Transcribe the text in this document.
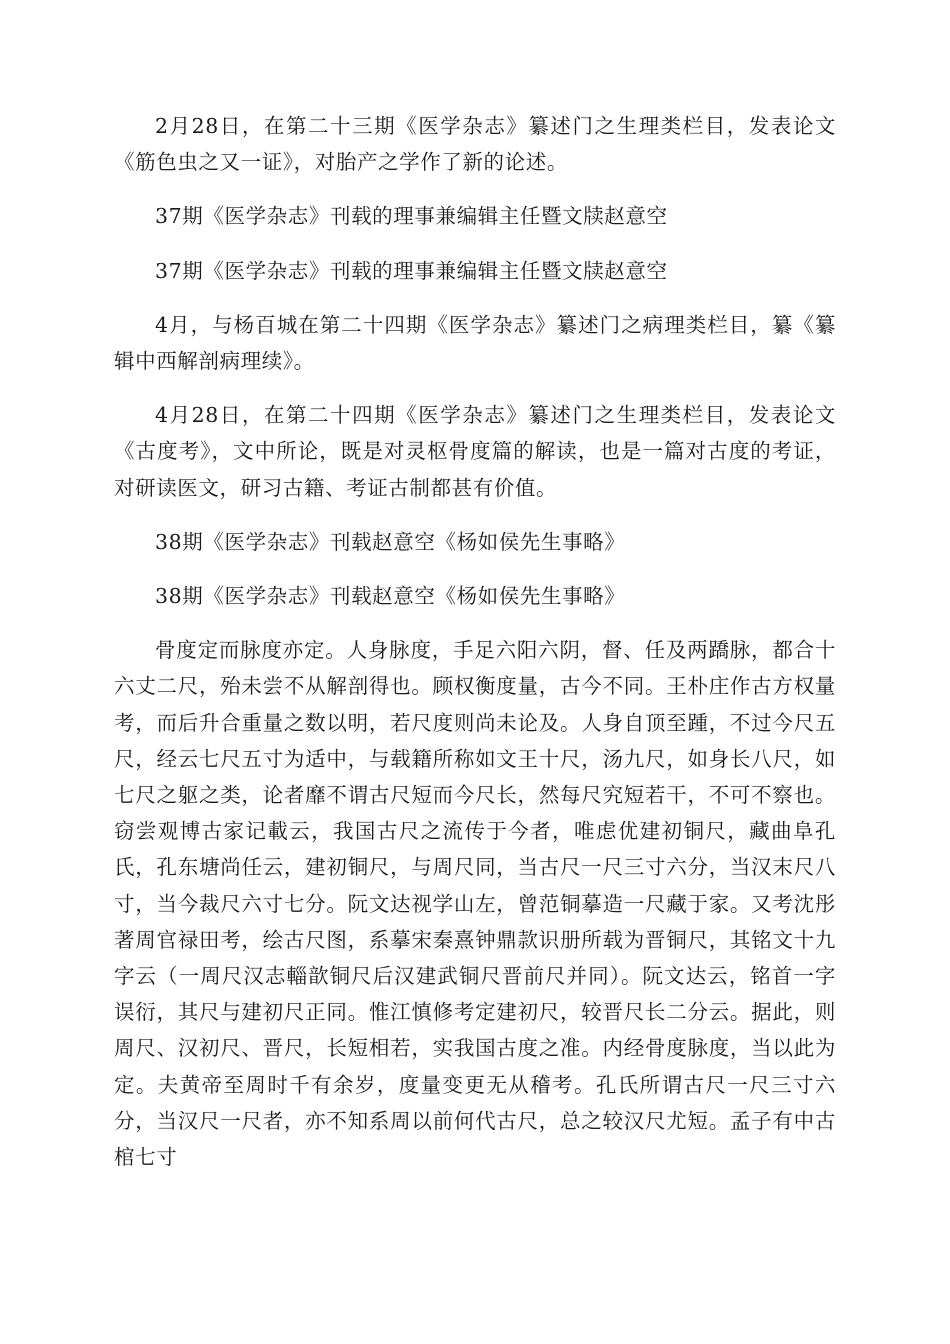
2月28日，在第二十三期《医学杂志》纂述门之生理类栏目，发表论文《筋色虫之又一证》，对胎产之学作了新的论述。

37期《医学杂志》刊载的理事兼编辑主任暨文牍赵意空

37期《医学杂志》刊载的理事兼编辑主任暨文牍赵意空

4月，与杨百城在第二十四期《医学杂志》纂述门之病理类栏目，纂《纂辑中西解剖病理续》。

4月28日，在第二十四期《医学杂志》纂述门之生理类栏目，发表论文《古度考》，文中所论，既是对灵枢骨度篇的解读，也是一篇对古度的考证，对研读医文，研习古籍、考证古制都甚有价值。

38期《医学杂志》刊载赵意空《杨如侯先生事略》

38期《医学杂志》刊载赵意空《杨如侯先生事略》

骨度定而脉度亦定。人身脉度，手足六阳六阴，督、任及两蹻脉，都合十六丈二尺，殆未尝不从解剖得也。顾权衡度量，古今不同。王朴庄作古方权量考，而后升合重量之数以明，若尺度则尚未论及。人身自顶至踵，不过今尺五尺，经云七尺五寸为适中，与载籍所称如文王十尺，汤九尺，如身长八尺，如七尺之躯之类，论者靡不谓古尺短而今尺长，然每尺究短若干，不可不察也。窃尝观博古家记載云，我国古尺之流传于今者，唯虑优建初铜尺，藏曲阜孔氏，孔东塘尚任云，建初铜尺，与周尺同，当古尺一尺三寸六分，当汉末尺八寸，当今裁尺六寸七分。阮文达视学山左，曾范铜摹造一尺藏于家。又考沈彤著周官禄田考，绘古尺图，系摹宋秦熹钟鼎款识册所载为晋铜尺，其铭文十九字云（一周尺汉志輜歆铜尺后汉建武铜尺晋前尺并同）。阮文达云，铭首一字误衍，其尺与建初尺正同。惟江慎修考定建初尺，较晋尺长二分云。据此，则周尺、汉初尺、晋尺，长短相若，实我国古度之准。内经骨度脉度，当以此为定。夫黄帝至周时千有余岁，度量变更无从稽考。孔氏所谓古尺一尺三寸六分，当汉尺一尺者，亦不知系周以前何代古尺，总之较汉尺尤短。孟子有中古棺七寸
